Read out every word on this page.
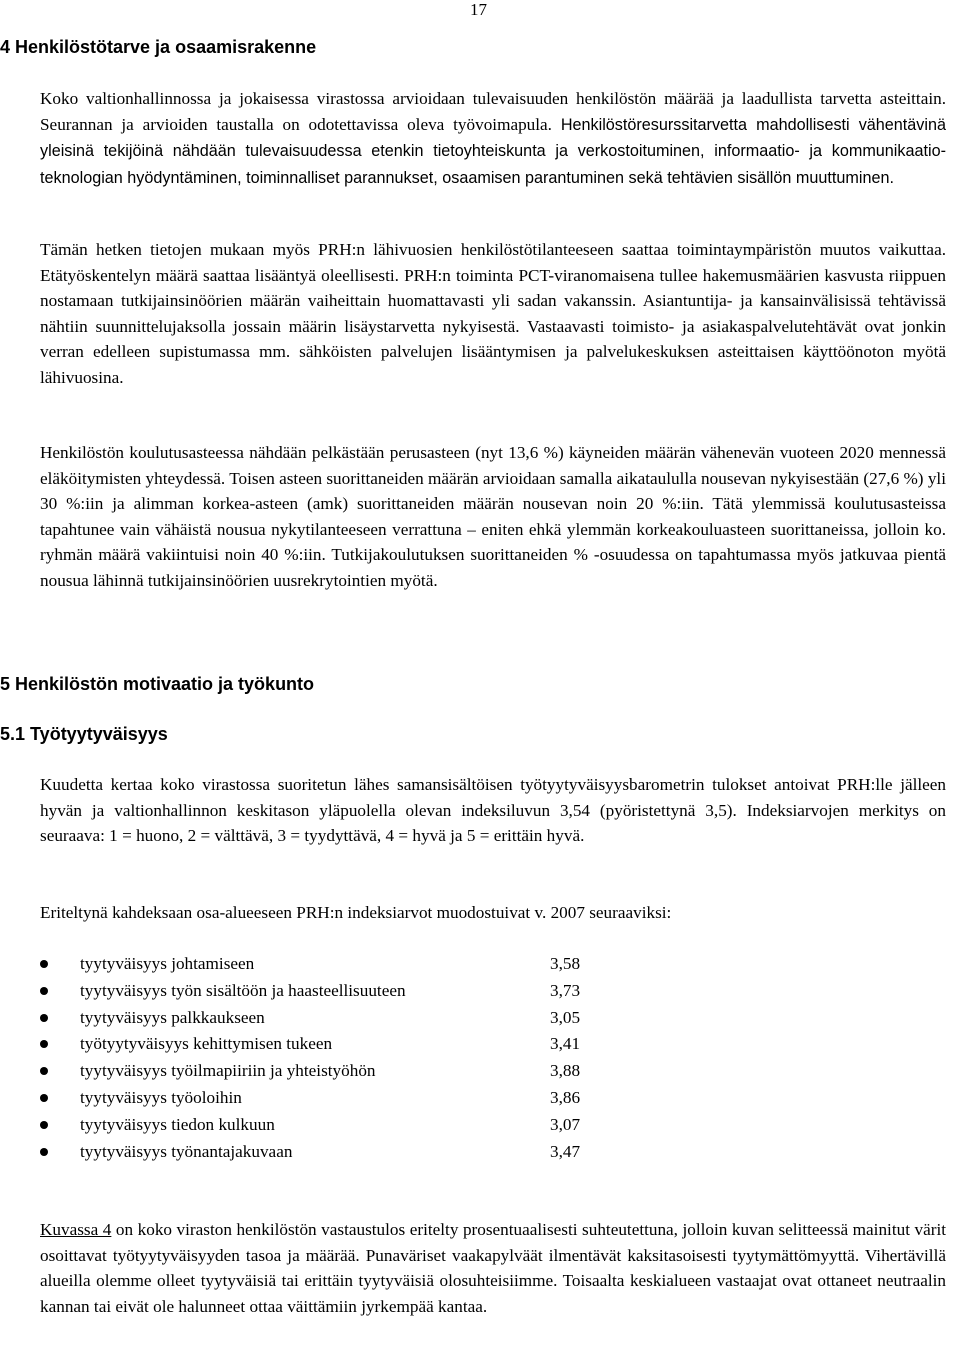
17
4 Henkilöstötarve ja osaamisrakenne

Koko valtionhallinnossa ja jokaisessa virastossa arvioidaan tulevaisuuden henkilöstön määrää ja laadullista tarvetta asteittain. Seurannan ja arvioiden taustalla on odotettavissa oleva työvoimapula. Henkilöstöresurssitarvetta mahdollisesti vähentävinä yleisinä tekijöinä nähdään tulevaisuudessa etenkin tietoyhteiskunta ja verkostoituminen, informaatio- ja kommunikaatio-teknologian hyödyntäminen, toiminnalliset parannukset, osaamisen parantuminen sekä tehtävien sisällön muuttuminen.

Tämän hetken tietojen mukaan myös PRH:n lähivuosien henkilöstötilanteeseen saattaa toimintaympäristön muutos vaikuttaa. Etätyöskentelyn määrä saattaa lisääntyä oleellisesti. PRH:n toiminta PCT-viranomaisena tullee hakemusmäärien kasvusta riippuen nostamaan tutkijainsinöörien määrän vaiheittain huomattavasti yli sadan vakanssin. Asiantuntija- ja kansainvälisissä tehtävissä nähtiin suunnittelujaksolla jossain määrin lisäystarvetta nykyisestä. Vastaavasti toimisto- ja asiakaspalvelutehtävät ovat jonkin verran edelleen supistumassa mm. sähköisten palvelujen lisääntymisen ja palvelukeskuksen asteittaisen käyttöönoton myötä lähivuosina.

Henkilöstön koulutusasteessa nähdään pelkästään perusasteen (nyt 13,6 %) käyneiden määrän vähenevän vuoteen 2020 mennessä eläköitymisten yhteydessä. Toisen asteen suorittaneiden määrän arvioidaan samalla aikataululla nousevan nykyisestään (27,6 %) yli 30 %:iin ja alimman korkea-asteen (amk) suorittaneiden määrän nousevan noin 20 %:iin. Tätä ylemmissä koulutusasteissa tapahtunee vain vähäistä nousua nykytilanteeseen verrattuna – eniten ehkä ylemmän korkeakouluasteen suorittaneissa, jolloin ko. ryhmän määrä vakiintuisi noin 40 %:iin. Tutkijakoulutuksen suorittaneiden % -osuudessa on tapahtumassa myös jatkuvaa pientä nousua lähinnä tutkijainsinöörien uusrekrytointien myötä.

5 Henkilöstön motivaatio ja työkunto
5.1 Työtyytyväisyys

Kuudetta kertaa koko virastossa suoritetun lähes samansisältöisen työtyytyväisyysbarometrin tulokset antoivat PRH:lle jälleen hyvän ja valtionhallinnon keskitason yläpuolella olevan indeksiluvun 3,54 (pyöristettynä 3,5). Indeksiarvojen merkitys on seuraava: 1 = huono, 2 = välttävä, 3 = tyydyttävä, 4 = hyvä ja 5 = erittäin hyvä.

Eriteltynä kahdeksaan osa-alueeseen PRH:n indeksiarvot muodostuivat v. 2007 seuraaviksi:

tyytyväisyys johtamiseen	3,58
tyytyväisyys työn sisältöön ja haasteellisuuteen	3,73
tyytyväisyys palkkaukseen	3,05
työtyytyväisyys kehittymisen tukeen	3,41
tyytyväisyys työilmapiiriin ja yhteistyöhön	3,88
tyytyväisyys työoloihin	3,86
tyytyväisyys tiedon kulkuun	3,07
tyytyväisyys työnantajakuvaan	3,47

Kuvassa 4 on koko viraston henkilöstön vastaustulos eritelty prosentuaalisesti suhteutettuna, jolloin kuvan selitteessä mainitut värit osoittavat työtyytyväisyyden tasoa ja määrää. Punaväriset vaakapylväät ilmentävät kaksitasoisesti tyytymättömyyttä. Vihertävillä alueilla olemme olleet tyytyväisiä tai erittäin tyytyväisiä olosuhteisiimme. Toisaalta keskialueen vastaajat ovat ottaneet neutraalin kannan tai eivät ole halunneet ottaa väittämiin jyrkempää kantaa.
